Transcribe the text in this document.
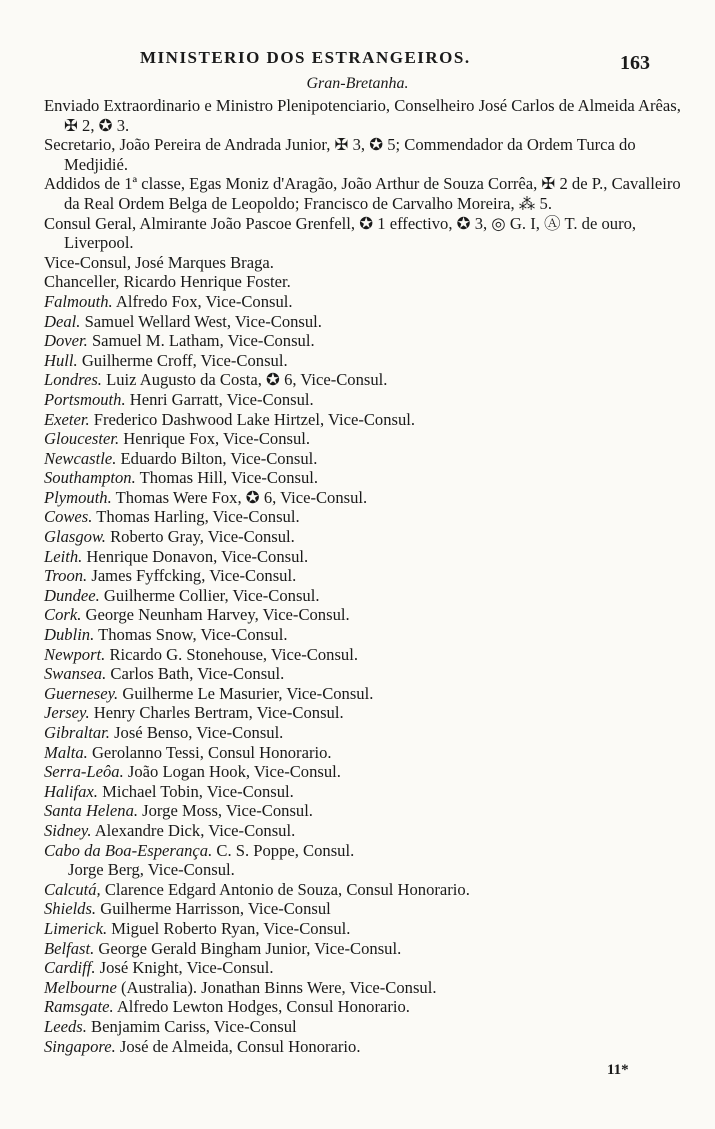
MINISTERIO DOS ESTRANGEIROS.	163
Gran-Bretanha.

Enviado Extraordinario e Ministro Plenipotenciario, Conselheiro José Carlos de Almeida Arêas, ✠ 2, ✪ 3.

Secretario, João Pereira de Andrada Junior, ✠ 3, ✪ 5; Commendador da Ordem Turca do Medjidié.

Addidos de 1ª classe, Egas Moniz d'Aragão, João Arthur de Souza Corrêa, ✠ 2 de P., Cavalleiro da Real Ordem Belga de Leopoldo; Francisco de Carvalho Moreira, ⁂ 5.

Consul Geral, Almirante João Pascoe Grenfell, ✪ 1 effectivo, ✪ 3, ◎ G. I, Ⓐ T. de ouro, Liverpool.

Vice-Consul, José Marques Braga.

Chanceller, Ricardo Henrique Foster.

Falmouth. Alfredo Fox, Vice-Consul.

Deal. Samuel Wellard West, Vice-Consul.

Dover. Samuel M. Latham, Vice-Consul.

Hull. Guilherme Croff, Vice-Consul.

Londres. Luiz Augusto da Costa, ✪ 6, Vice-Consul.

Portsmouth. Henri Garratt, Vice-Consul.

Exeter. Frederico Dashwood Lake Hirtzel, Vice-Consul.

Gloucester. Henrique Fox, Vice-Consul.

Newcastle. Eduardo Bilton, Vice-Consul.

Southampton. Thomas Hill, Vice-Consul.

Plymouth. Thomas Were Fox, ✪ 6, Vice-Consul.

Cowes. Thomas Harling, Vice-Consul.

Glasgow. Roberto Gray, Vice-Consul.

Leith. Henrique Donavon, Vice-Consul.

Troon. James Fyffcking, Vice-Consul.

Dundee. Guilherme Collier, Vice-Consul.

Cork. George Neunham Harvey, Vice-Consul.

Dublin. Thomas Snow, Vice-Consul.

Newport. Ricardo G. Stonehouse, Vice-Consul.

Swansea. Carlos Bath, Vice-Consul.

Guernesey. Guilherme Le Masurier, Vice-Consul.

Jersey. Henry Charles Bertram, Vice-Consul.

Gibraltar. José Benso, Vice-Consul.

Malta. Gerolanno Tessi, Consul Honorario.

Serra-Leôa. João Logan Hook, Vice-Consul.

Halifax. Michael Tobin, Vice-Consul.

Santa Helena. Jorge Moss, Vice-Consul.

Sidney. Alexandre Dick, Vice-Consul.

Cabo da Boa-Esperança. C. S. Poppe, Consul.

Jorge Berg, Vice-Consul.

Calcutá, Clarence Edgard Antonio de Souza, Consul Honorario.

Shields. Guilherme Harrisson, Vice-Consul

Limerick. Miguel Roberto Ryan, Vice-Consul.

Belfast. George Gerald Bingham Junior, Vice-Consul.

Cardiff. José Knight, Vice-Consul.

Melbourne (Australia). Jonathan Binns Were, Vice-Consul.

Ramsgate. Alfredo Lewton Hodges, Consul Honorario.

Leeds. Benjamim Cariss, Vice-Consul

Singapore. José de Almeida, Consul Honorario.

11*
